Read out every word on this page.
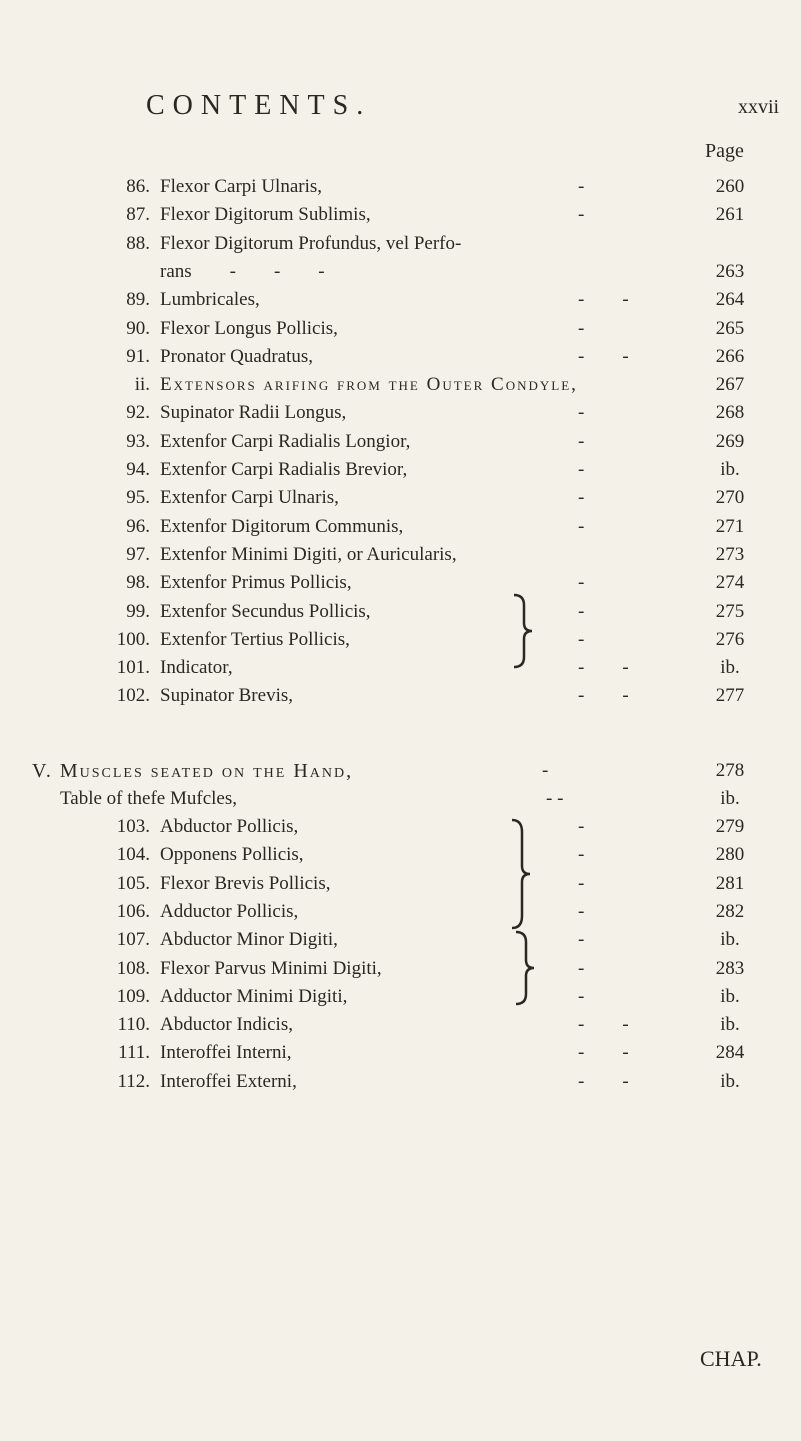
CONTENTS.	xxvii
Page
86. Flexor Carpi Ulnaris,	-	260
87. Flexor Digitorum Sublimis,	-	261
88. Flexor Digitorum Profundus, vel Perfo-
rans        -        -        -	263
89. Lumbricales,	-        -	264
90. Flexor Longus Pollicis,	-	265
91. Pronator Quadratus,	-        -	266
ii. Extensors arifing from the Outer Condyle,	267
92. Supinator Radii Longus,	-	268
93. Extenfor Carpi Radialis Longior,	-	269
94. Extenfor Carpi Radialis Brevior,	-	ib.
95. Extenfor Carpi Ulnaris,	-	270
96. Extenfor Digitorum Communis,	-	271
97. Extenfor Minimi Digiti, or Auricularis,	273
98. Extenfor Primus Pollicis,	-	274
99. Extenfor Secundus Pollicis,	-	275
100. Extenfor Tertius Pollicis,	-	276
101. Indicator,	-        -	ib.
102. Supinator Brevis,	-        -	277
V. Muscles seated on the Hand,	-	278
Table of thefe Mufcles,	- -	ib.
103. Abductor Pollicis,	-	279
104. Opponens Pollicis,	-	280
105. Flexor Brevis Pollicis,	-	281
106. Adductor Pollicis,	-	282
107. Abductor Minor Digiti,	-	ib.
108. Flexor Parvus Minimi Digiti,	-	283
109. Adductor Minimi Digiti,	-	ib.
110. Abductor Indicis,	-        -	ib.
111. Interoffei Interni,	-        -	284
112. Interoffei Externi,	-        -	ib.
CHAP.
